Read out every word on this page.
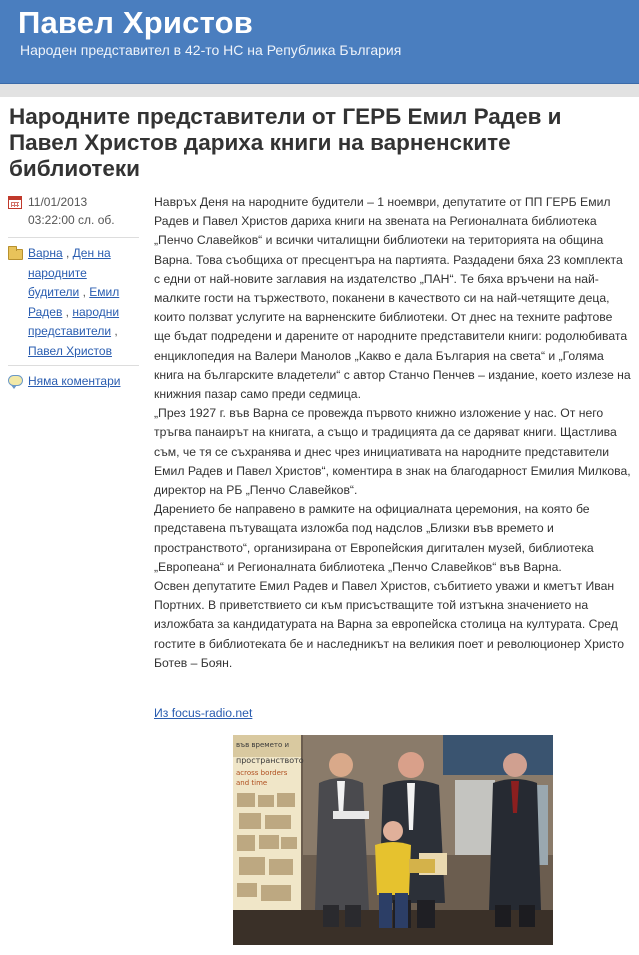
Павел Христов
Народен представител в 42-то НС на Република България
Народните представители от ГЕРБ Емил Радев и Павел Христов дариха книги на варненските библиотеки
11/01/2013
03:22:00 сл. об.
Варна , Ден на народните будители , Емил Радев , народни представители , Павел Христов
Няма коментари

Навръх Деня на народните будители – 1 ноември, депутатите от ПП ГЕРБ Емил Радев и Павел Христов дариха книги на звената на Регионалната библиотека „Пенчо Славейков“ и всички читалищни библиотеки на територията на община Варна. Това съобщиха от пресцентъра на партията. Раздадени бяха 23 комплекта с едни от най-новите заглавия на издателство „ПАН“. Те бяха връчени на най-малките гости на тържеството, поканени в качеството си на най-четящите деца, които ползват услугите на варненските библиотеки. От днес на техните рафтове ще бъдат подредени и дарените от народните представители книги: родолюбивата енциклопедия на Валери Манолов „Какво е дала България на света“ и „Голяма книга на българските владетели“ с автор Станчо Пенчев – издание, което излезе на книжния пазар само преди седмица.

„През 1927 г. във Варна се провежда първото книжно изложение у нас. От него тръгва панаирът на книгата, а също и традицията да се даряват книги. Щастлива съм, че тя се съхранява и днес чрез инициативата на народните представители Емил Радев и Павел Христов“, коментира в знак на благодарност Емилия Милкова, директор на РБ „Пенчо Славейков“.

Дарението бе направено в рамките на официалната церемония, на която бе представена пътуващата изложба под надслов „Близки във времето и пространството“, организирана от Европейския дигитален музей, библиотека „Европеана“ и Регионалната библиотека „Пенчо Славейков“ във Варна.

Освен депутатите Емил Радев и Павел Христов, събитието уважи и кметът Иван Портних. В приветствието си към присъстващите той изтъкна значението на изложбата за кандидатурата на Варна за европейска столица на културата. Сред гостите в библиотеката бе и наследникът на великия поет и революционер Христо Ботев – Боян.

Из focus-radio.net
във времето и
пространството
across borders
and time
